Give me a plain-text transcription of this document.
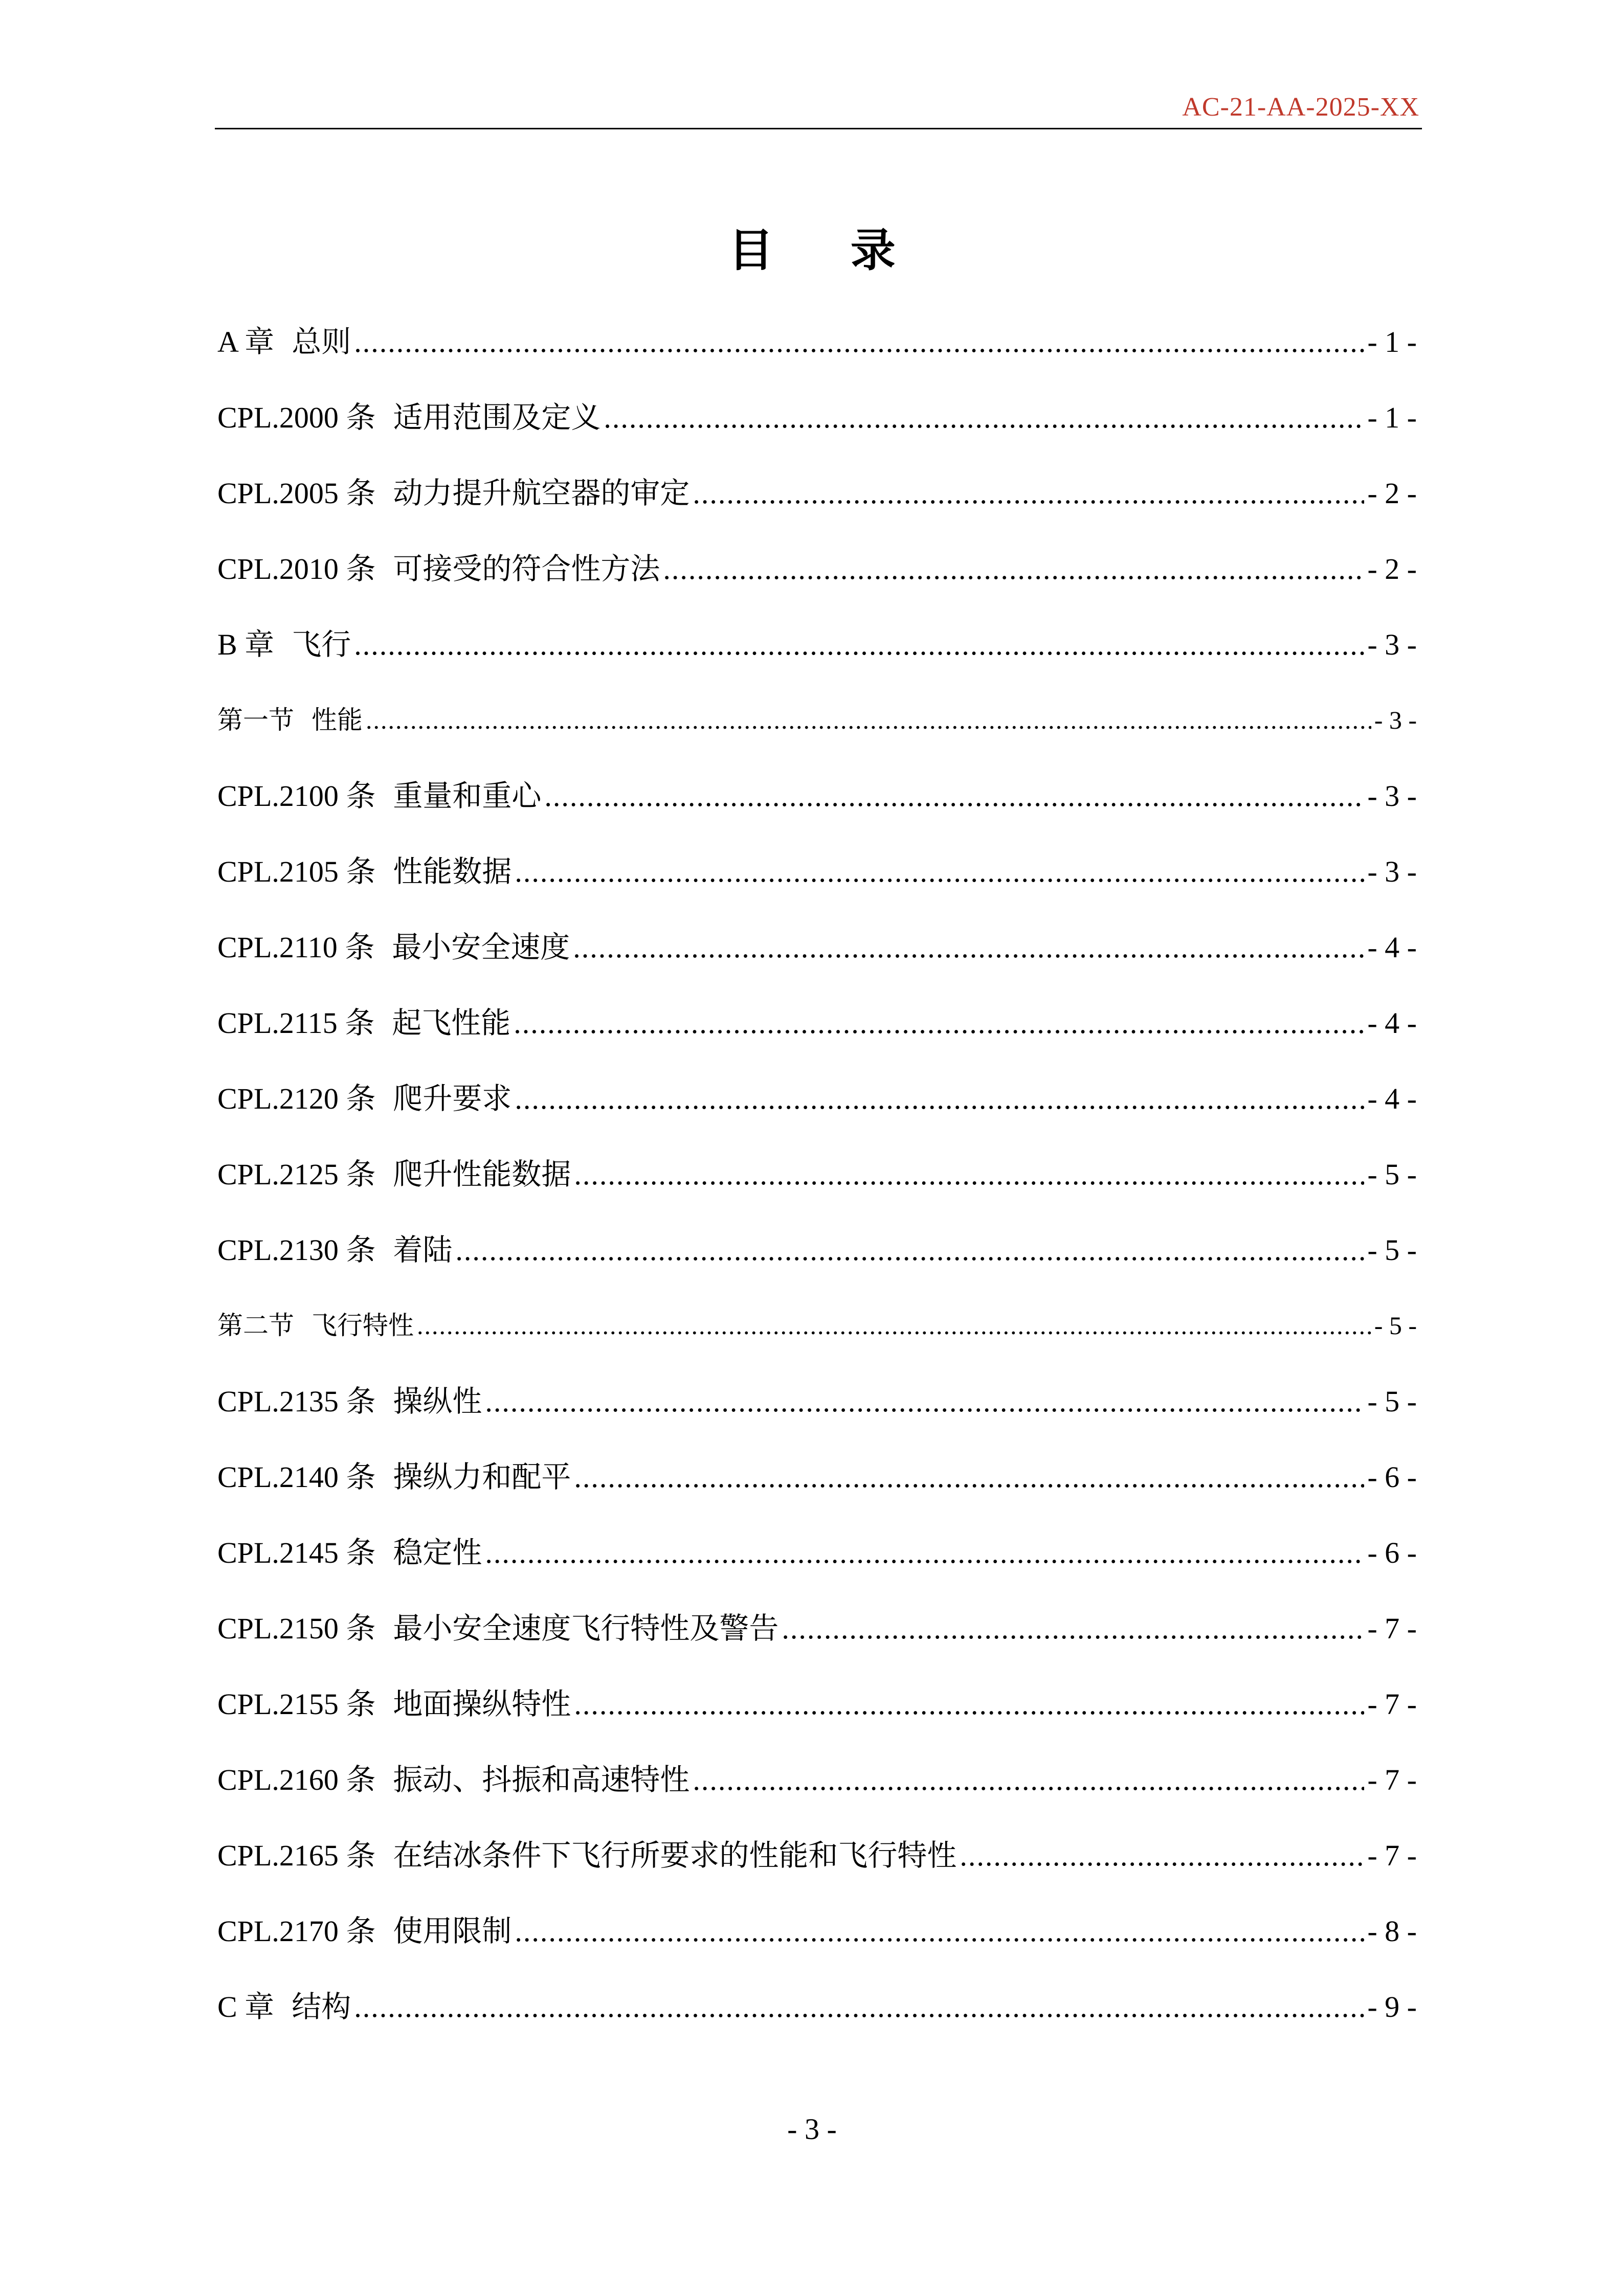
AC-21-AA-2025-XX
目 录
A 章 总则 .....	- 1 -
CPL.2000 条 适用范围及定义 .....	- 1 -
CPL.2005 条 动力提升航空器的审定 .....	- 2 -
CPL.2010 条 可接受的符合性方法 .....	- 2 -
B 章 飞行 .....	- 3 -
第一节 性能 .....	- 3 -
CPL.2100 条 重量和重心 .....	- 3 -
CPL.2105 条 性能数据 .....	- 3 -
CPL.2110 条 最小安全速度 .....	- 4 -
CPL.2115 条 起飞性能 .....	- 4 -
CPL.2120 条 爬升要求 .....	- 4 -
CPL.2125 条 爬升性能数据 .....	- 5 -
CPL.2130 条 着陆 .....	- 5 -
第二节 飞行特性 .....	- 5 -
CPL.2135 条 操纵性 .....	- 5 -
CPL.2140 条 操纵力和配平 .....	- 6 -
CPL.2145 条 稳定性 .....	- 6 -
CPL.2150 条 最小安全速度飞行特性及警告 .....	- 7 -
CPL.2155 条 地面操纵特性 .....	- 7 -
CPL.2160 条 振动、抖振和高速特性 .....	- 7 -
CPL.2165 条 在结冰条件下飞行所要求的性能和飞行特性 .....	- 7 -
CPL.2170 条 使用限制 .....	- 8 -
C 章 结构 .....	- 9 -
- 3 -
